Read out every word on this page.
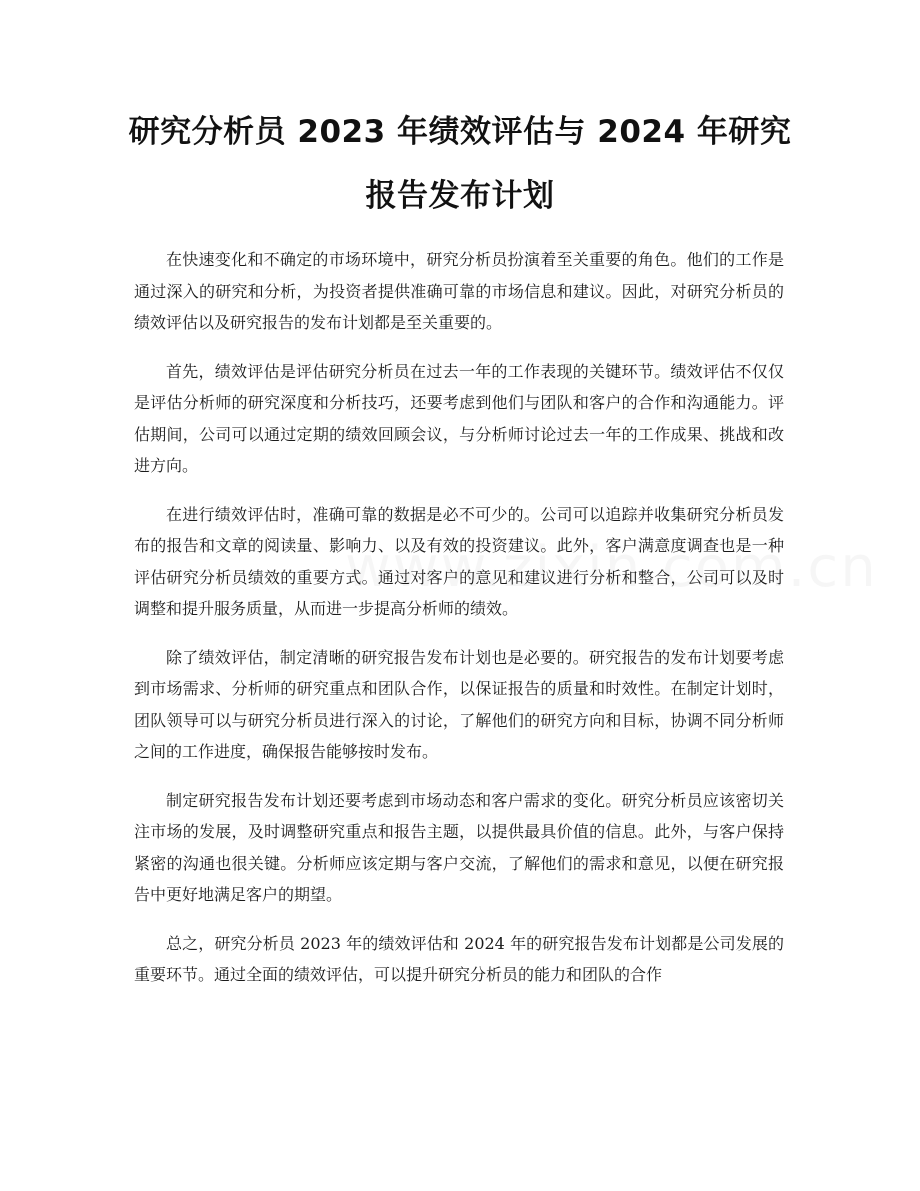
研究分析员 2023 年绩效评估与 2024 年研究
报告发布计划

在快速变化和不确定的市场环境中，研究分析员扮演着至关重要的角色。他们的工作是通过深入的研究和分析，为投资者提供准确可靠的市场信息和建议。因此，对研究分析员的绩效评估以及研究报告的发布计划都是至关重要的。

首先，绩效评估是评估研究分析员在过去一年的工作表现的关键环节。绩效评估不仅仅是评估分析师的研究深度和分析技巧，还要考虑到他们与团队和客户的合作和沟通能力。评估期间，公司可以通过定期的绩效回顾会议，与分析师讨论过去一年的工作成果、挑战和改进方向。

在进行绩效评估时，准确可靠的数据是必不可少的。公司可以追踪并收集研究分析员发布的报告和文章的阅读量、影响力、以及有效的投资建议。此外，客户满意度调查也是一种评估研究分析员绩效的重要方式。通过对客户的意见和建议进行分析和整合，公司可以及时调整和提升服务质量，从而进一步提高分析师的绩效。

除了绩效评估，制定清晰的研究报告发布计划也是必要的。研究报告的发布计划要考虑到市场需求、分析师的研究重点和团队合作，以保证报告的质量和时效性。在制定计划时，团队领导可以与研究分析员进行深入的讨论，了解他们的研究方向和目标，协调不同分析师之间的工作进度，确保报告能够按时发布。

制定研究报告发布计划还要考虑到市场动态和客户需求的变化。研究分析员应该密切关注市场的发展，及时调整研究重点和报告主题，以提供最具价值的信息。此外，与客户保持紧密的沟通也很关键。分析师应该定期与客户交流，了解他们的需求和意见，以便在研究报告中更好地满足客户的期望。

总之，研究分析员 2023 年的绩效评估和 2024 年的研究报告发布计划都是公司发展的重要环节。通过全面的绩效评估，可以提升研究分析员的能力和团队的合作
